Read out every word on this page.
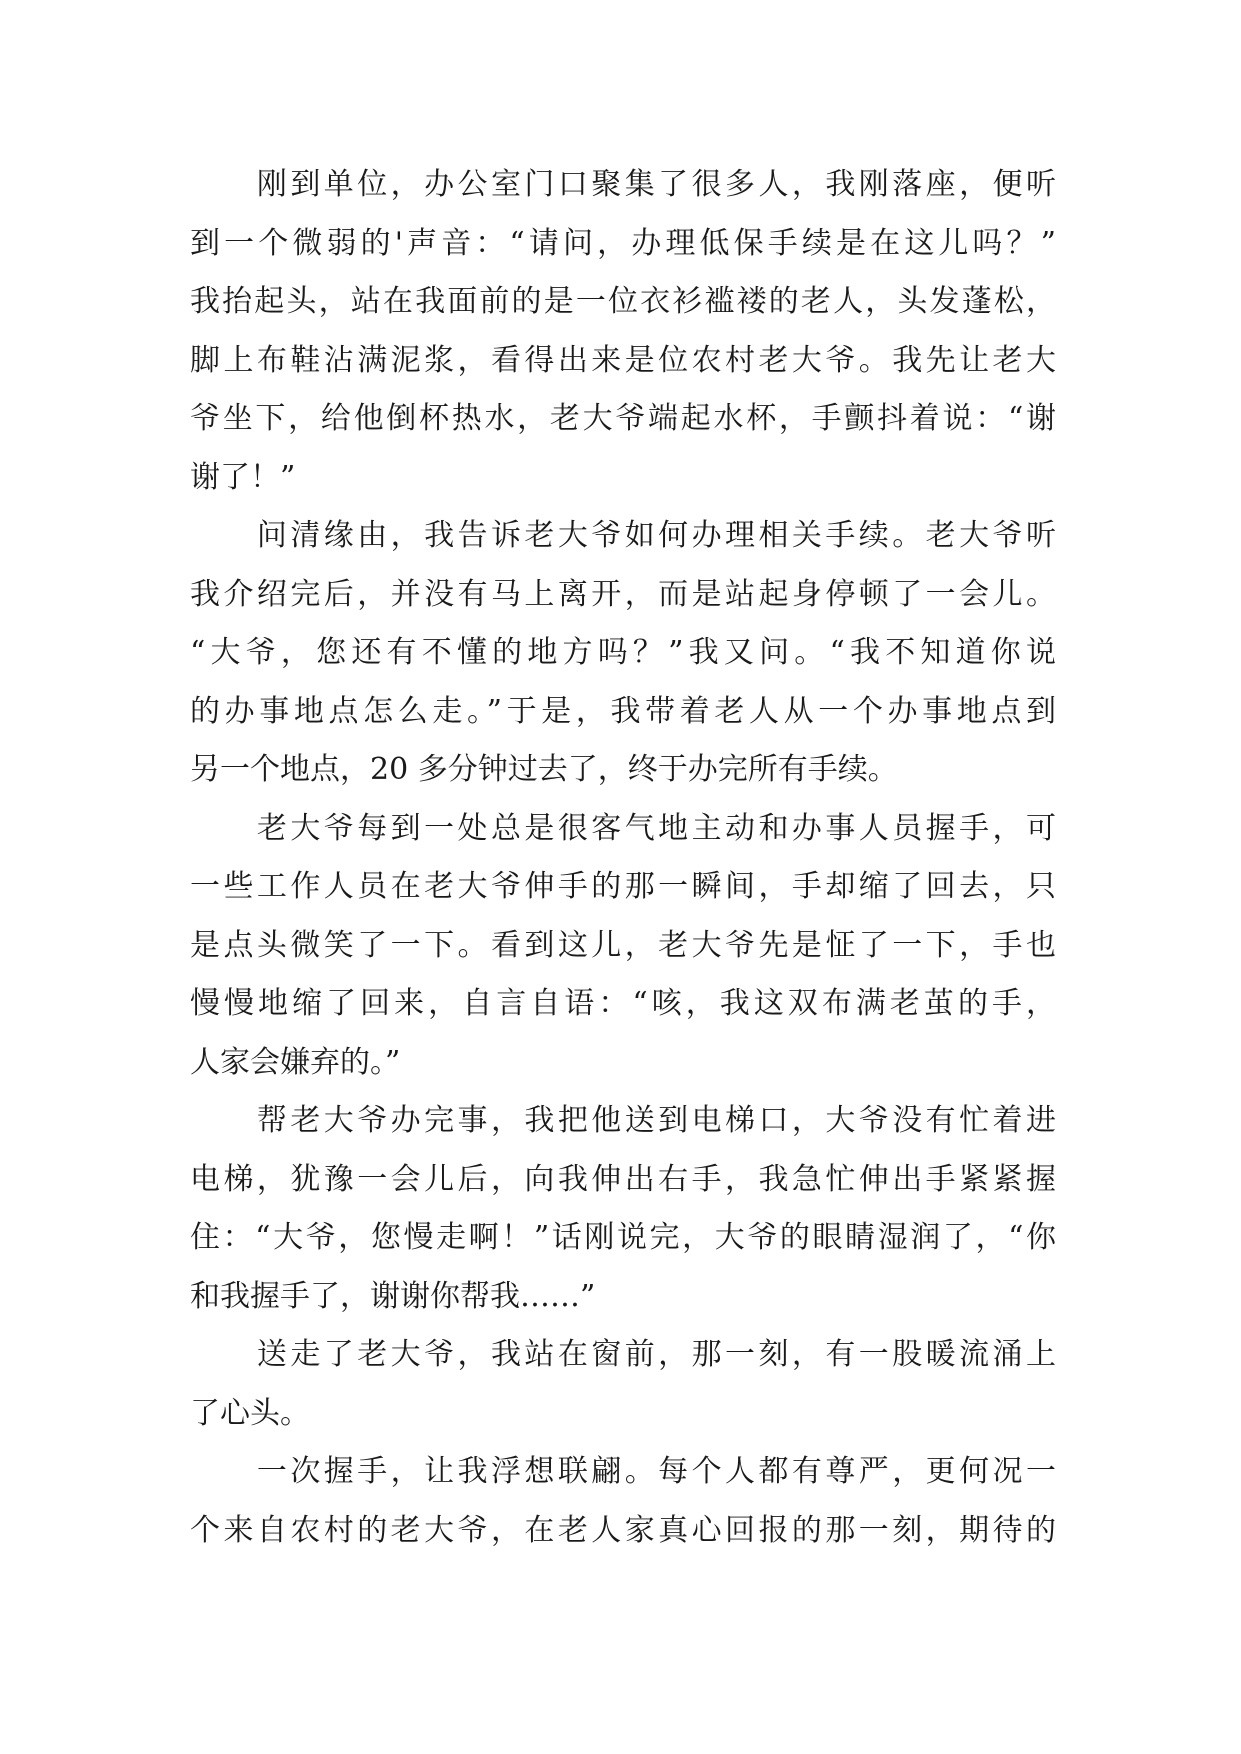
　　刚到单位，办公室门口聚集了很多人，我刚落座，便听
到一个微弱的'声音：“请问，办理低保手续是在这儿吗？”
我抬起头，站在我面前的是一位衣衫褴褛的老人，头发蓬松，
脚上布鞋沾满泥浆，看得出来是位农村老大爷。我先让老大
爷坐下，给他倒杯热水，老大爷端起水杯，手颤抖着说：“谢
谢了！”

　　问清缘由，我告诉老大爷如何办理相关手续。老大爷听
我介绍完后，并没有马上离开，而是站起身停顿了一会儿。
“大爷，您还有不懂的地方吗？”我又问。“我不知道你说
的办事地点怎么走。”于是，我带着老人从一个办事地点到
另一个地点，20 多分钟过去了，终于办完所有手续。

　　老大爷每到一处总是很客气地主动和办事人员握手，可
一些工作人员在老大爷伸手的那一瞬间，手却缩了回去，只
是点头微笑了一下。看到这儿，老大爷先是怔了一下，手也
慢慢地缩了回来，自言自语：“咳，我这双布满老茧的手，
人家会嫌弃的。”

　　帮老大爷办完事，我把他送到电梯口，大爷没有忙着进
电梯，犹豫一会儿后，向我伸出右手，我急忙伸出手紧紧握
住：“大爷，您慢走啊！”话刚说完，大爷的眼睛湿润了，“你
和我握手了，谢谢你帮我……”

　　送走了老大爷，我站在窗前，那一刻，有一股暖流涌上
了心头。

　　一次握手，让我浮想联翩。每个人都有尊严，更何况一
个来自农村的老大爷，在老人家真心回报的那一刻，期待的
